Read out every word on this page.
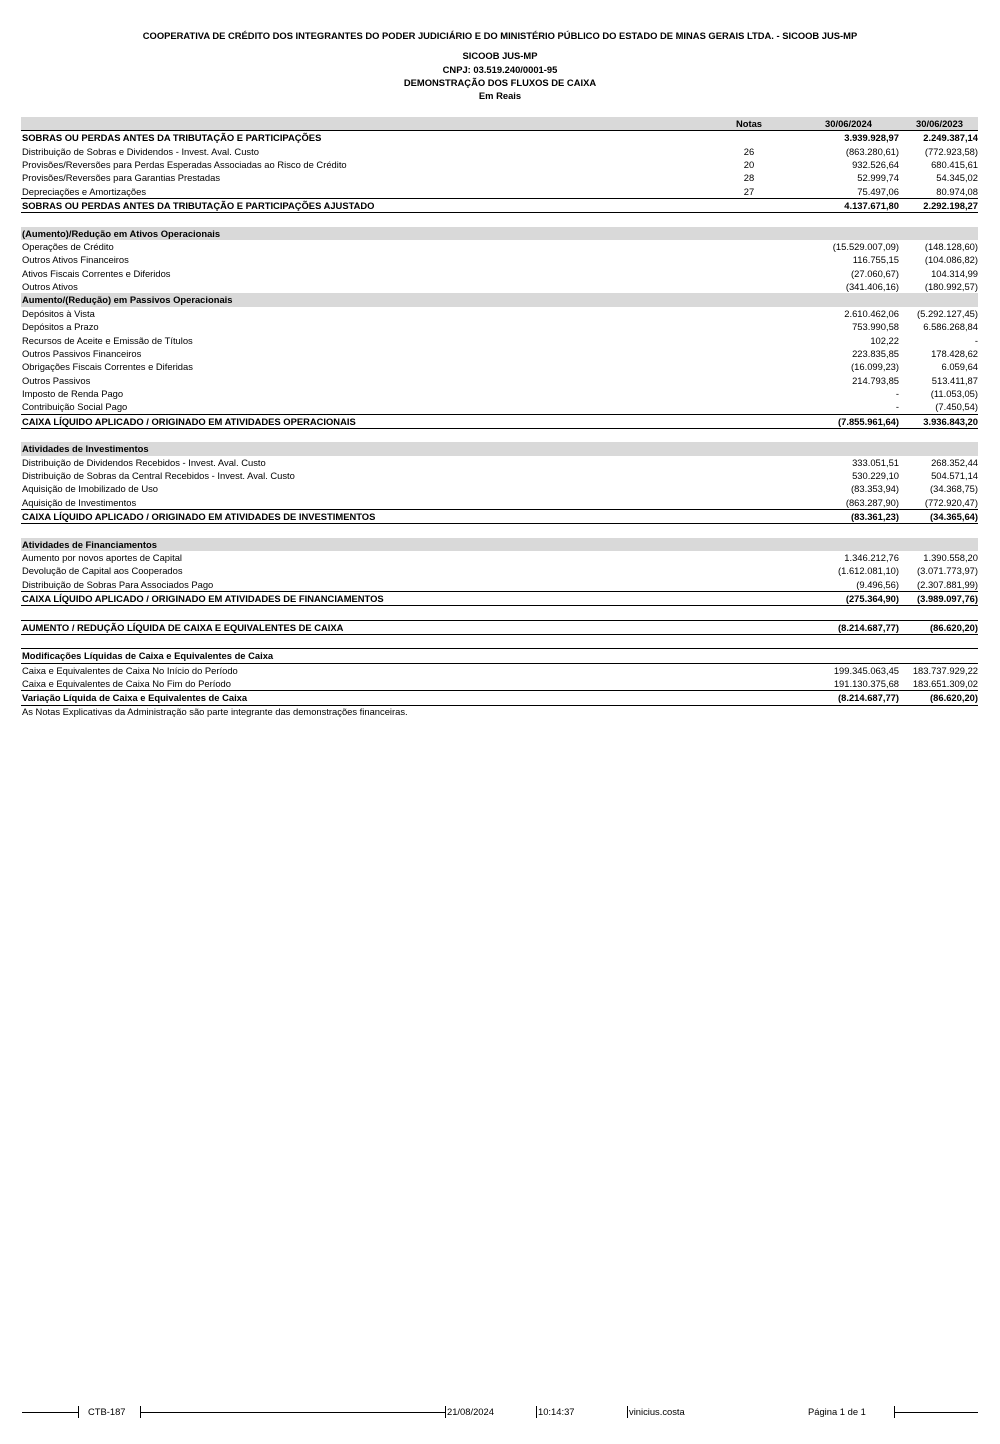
COOPERATIVA DE CRÉDITO DOS INTEGRANTES DO PODER JUDICIÁRIO E DO MINISTÉRIO PÚBLICO DO ESTADO DE MINAS GERAIS LTDA. - SICOOB JUS-MP
SICOOB JUS-MP
CNPJ: 03.519.240/0001-95
DEMONSTRAÇÃO DOS FLUXOS DE CAIXA
Em Reais
Notas	30/06/2024	30/06/2023
SOBRAS OU PERDAS ANTES DA TRIBUTAÇÃO E PARTICIPAÇÕES	3.939.928,97	2.249.387,14
Distribuição de Sobras e Dividendos - Invest. Aval. Custo	26	(863.280,61)	(772.923,58)
Provisões/Reversões para Perdas Esperadas Associadas ao Risco de Crédito	20	932.526,64	680.415,61
Provisões/Reversões para Garantias Prestadas	28	52.999,74	54.345,02
Depreciações e Amortizações	27	75.497,06	80.974,08
SOBRAS OU PERDAS ANTES DA TRIBUTAÇÃO E PARTICIPAÇÕES AJUSTADO	4.137.671,80	2.292.198,27
(Aumento)/Redução em Ativos Operacionais
Operações de Crédito	(15.529.007,09)	(148.128,60)
Outros Ativos Financeiros	116.755,15	(104.086,82)
Ativos Fiscais Correntes e Diferidos	(27.060,67)	104.314,99
Outros Ativos	(341.406,16)	(180.992,57)
Aumento/(Redução) em Passivos Operacionais
Depósitos à Vista	2.610.462,06	(5.292.127,45)
Depósitos a Prazo	753.990,58	6.586.268,84
Recursos de Aceite e Emissão de Títulos	102,22	-
Outros Passivos Financeiros	223.835,85	178.428,62
Obrigações Fiscais Correntes e Diferidas	(16.099,23)	6.059,64
Outros Passivos	214.793,85	513.411,87
Imposto de Renda Pago	-	(11.053,05)
Contribuição Social Pago	-	(7.450,54)
CAIXA LÍQUIDO APLICADO / ORIGINADO EM ATIVIDADES OPERACIONAIS	(7.855.961,64)	3.936.843,20
Atividades de Investimentos
Distribuição de Dividendos Recebidos - Invest. Aval. Custo	333.051,51	268.352,44
Distribuição de Sobras da Central Recebidos - Invest. Aval. Custo	530.229,10	504.571,14
Aquisição de Imobilizado de Uso	(83.353,94)	(34.368,75)
Aquisição de Investimentos	(863.287,90)	(772.920,47)
CAIXA LÍQUIDO APLICADO / ORIGINADO EM ATIVIDADES DE INVESTIMENTOS	(83.361,23)	(34.365,64)
Atividades de Financiamentos
Aumento por novos aportes de Capital	1.346.212,76	1.390.558,20
Devolução de Capital aos Cooperados	(1.612.081,10)	(3.071.773,97)
Distribuição de Sobras Para Associados Pago	(9.496,56)	(2.307.881,99)
CAIXA LÍQUIDO APLICADO / ORIGINADO EM ATIVIDADES DE FINANCIAMENTOS	(275.364,90)	(3.989.097,76)
AUMENTO / REDUÇÃO LÍQUIDA DE CAIXA E EQUIVALENTES DE CAIXA	(8.214.687,77)	(86.620,20)
Modificações Líquidas de Caixa e Equivalentes de Caixa
Caixa e Equivalentes de Caixa No Início do Período	199.345.063,45	183.737.929,22
Caixa e Equivalentes de Caixa No Fim do Período	191.130.375,68	183.651.309,02
Variação Líquida de Caixa e Equivalentes de Caixa	(8.214.687,77)	(86.620,20)
As Notas Explicativas da Administração são parte integrante das demonstrações financeiras.
CTB-187	21/08/2024	10:14:37	vinicius.costa	Página 1 de 1
